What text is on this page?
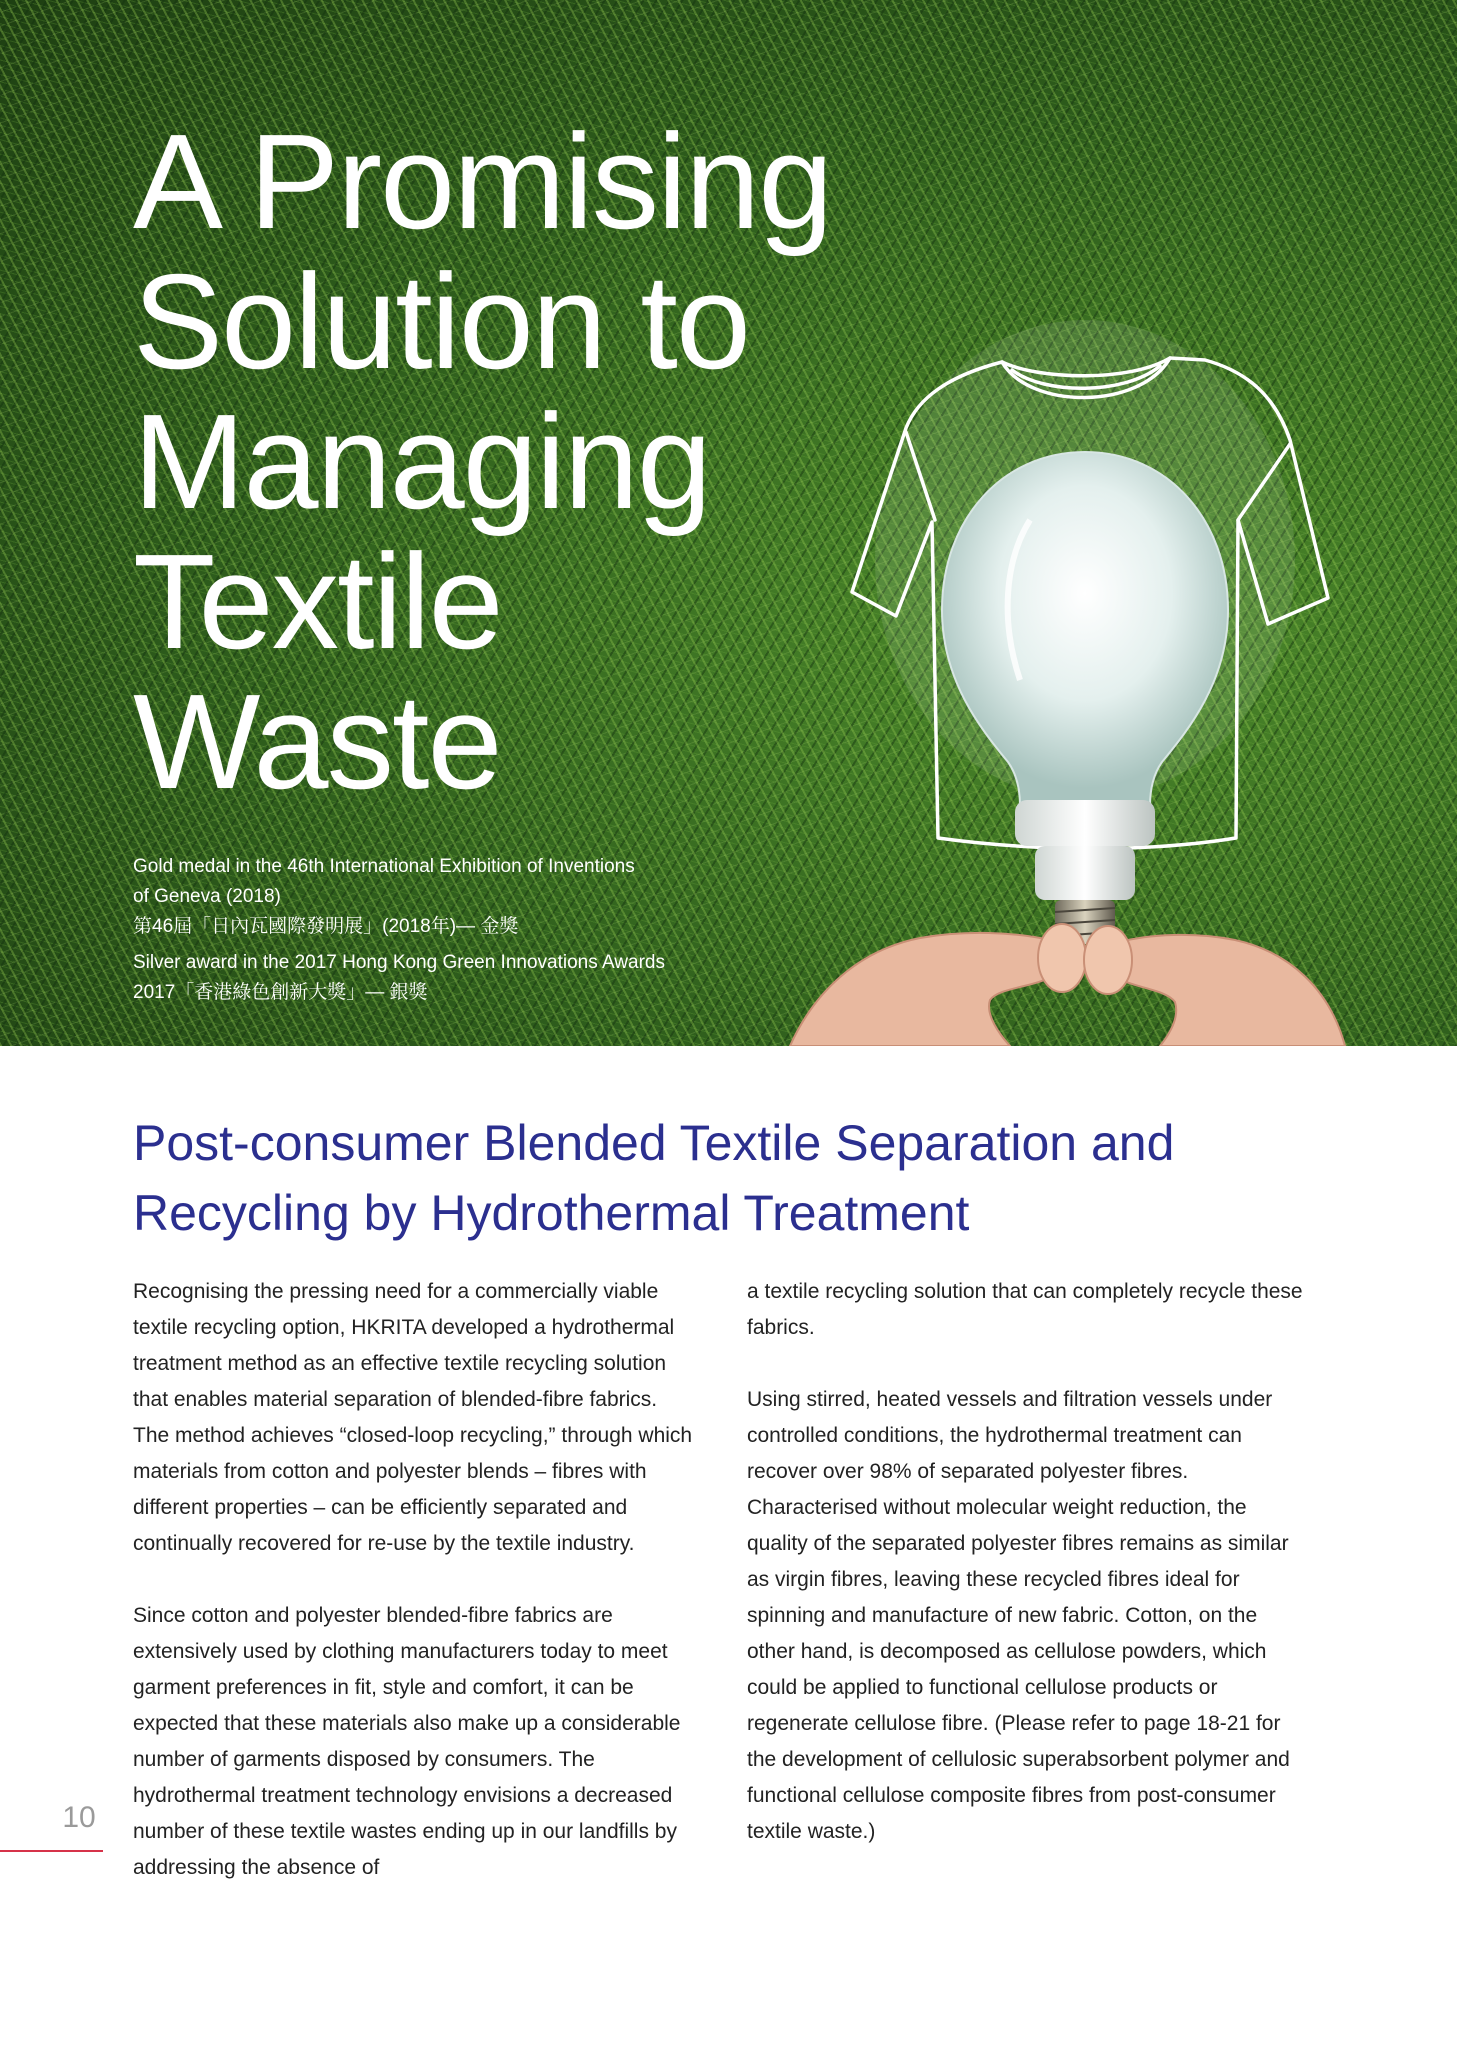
A Promising
Solution to
Managing
Textile
Waste
Gold medal in the 46th International Exhibition of Inventions
of Geneva (2018)
第46屆「日內瓦國際發明展」(2018年)— 金獎
Silver award in the 2017 Hong Kong Green Innovations Awards
2017「香港綠色創新大獎」— 銀獎
Post-consumer Blended Textile Separation and
Recycling by Hydrothermal Treatment

Recognising the pressing need for a commercially viable textile recycling option, HKRITA developed a hydrothermal treatment method as an effective textile recycling solution that enables material separation of blended-fibre fabrics. The method achieves “closed-loop recycling,” through which materials from cotton and polyester blends – fibres with different properties – can be efficiently separated and continually recovered for re-use by the textile industry.

Since cotton and polyester blended-fibre fabrics are extensively used by clothing manufacturers today to meet garment preferences in fit, style and comfort, it can be expected that these materials also make up a considerable number of garments disposed by consumers. The hydrothermal treatment technology envisions a decreased number of these textile wastes ending up in our landfills by addressing the absence of

a textile recycling solution that can completely recycle these fabrics.

Using stirred, heated vessels and filtration vessels under controlled conditions, the hydrothermal treatment can recover over 98% of separated polyester fibres. Characterised without molecular weight reduction, the quality of the separated polyester fibres remains as similar as virgin fibres, leaving these recycled fibres ideal for spinning and manufacture of new fabric. Cotton, on the other hand, is decomposed as cellulose powders, which could be applied to functional cellulose products or regenerate cellulose fibre. (Please refer to page 18-21 for the development of cellulosic superabsorbent polymer and functional cellulose composite fibres from post-consumer textile waste.)

10
